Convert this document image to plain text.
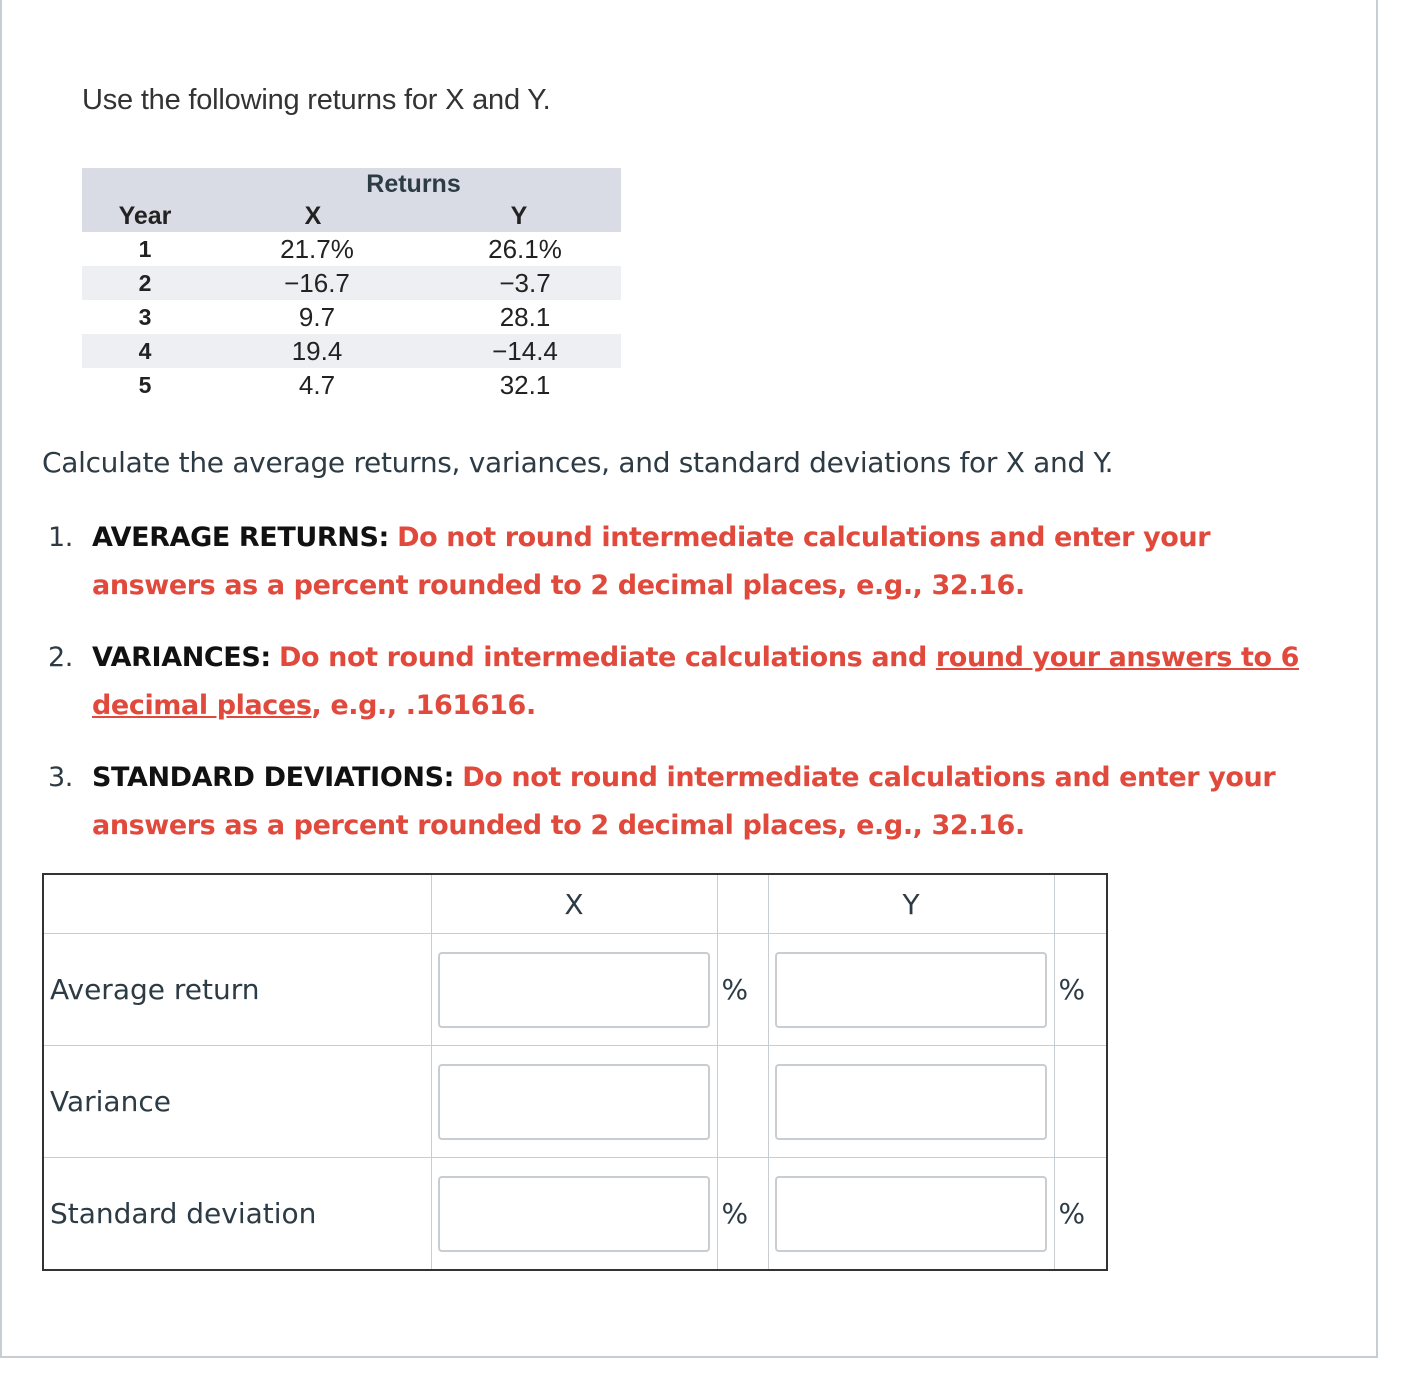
Use the following returns for X and Y.
Returns
Year	X	Y
1	21.7%	26.1%
2	−16.7	−3.7
3	9.7	28.1
4	19.4	−14.4
5	4.7	32.1
Calculate the average returns, variances, and standard deviations for X and Y.
1. AVERAGE RETURNS: Do not round intermediate calculations and enter your answers as a percent rounded to 2 decimal places, e.g., 32.16.
2. VARIANCES: Do not round intermediate calculations and round your answers to 6 decimal places, e.g., .161616.
3. STANDARD DEVIATIONS: Do not round intermediate calculations and enter your answers as a percent rounded to 2 decimal places, e.g., 32.16.
	X		Y	
Average return		%		%
Variance				
Standard deviation		%		%
